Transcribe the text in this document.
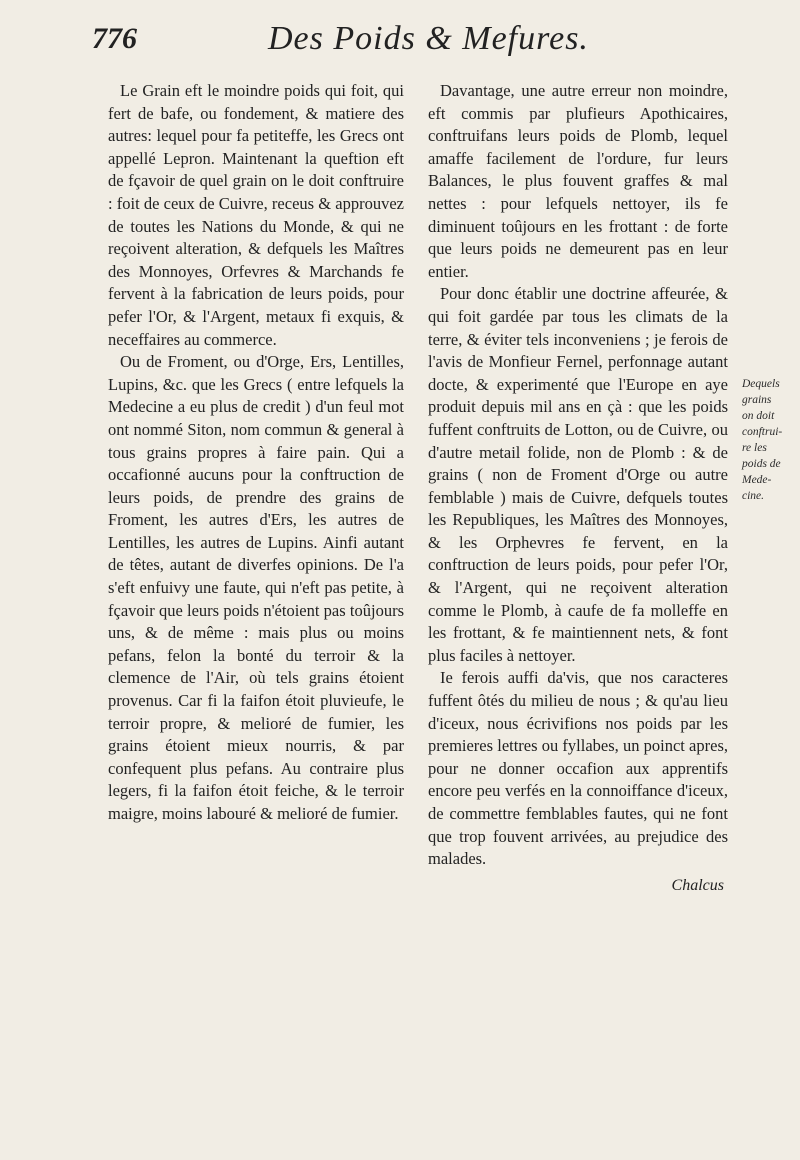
776	Des Poids & Mefures.

Le Grain eft le moindre poids qui foit, qui fert de bafe, ou fondement, & matiere des autres: lequel pour fa petiteffe, les Grecs ont appellé Lepron. Maintenant la queftion eft de fçavoir de quel grain on le doit conftruire : foit de ceux de Cuivre, receus & approuvez de toutes les Nations du Monde, & qui ne reçoivent alteration, & defquels les Maîtres des Monnoyes, Orfevres & Marchands fe fervent à la fabrication de leurs poids, pour pefer l'Or, & l'Argent, metaux fi exquis, & neceffaires au commerce.

Ou de Froment, ou d'Orge, Ers, Lentilles, Lupins, &c. que les Grecs ( entre lefquels la Medecine a eu plus de credit ) d'un feul mot ont nommé Siton, nom commun & general à tous grains propres à faire pain. Qui a occafionné aucuns pour la conftruction de leurs poids, de prendre des grains de Froment, les autres d'Ers, les autres de Lentilles, les autres de Lupins. Ainfi autant de têtes, autant de diverfes opinions. De l'a s'eft enfuivy une faute, qui n'eft pas petite, à fçavoir que leurs poids n'étoient pas toûjours uns, & de même : mais plus ou moins pefans, felon la bonté du terroir & la clemence de l'Air, où tels grains étoient provenus. Car fi la faifon étoit pluvieufe, le terroir propre, & melioré de fumier, les grains étoient mieux nourris, & par confequent plus pefans. Au contraire plus legers, fi la faifon étoit feiche, & le terroir maigre, moins labouré & melioré de fumier.

Davantage, une autre erreur non moindre, eft commis par plufieurs Apothicaires, conftruifans leurs poids de Plomb, lequel amaffe facilement de l'ordure, fur leurs Balances, le plus fouvent graffes & mal nettes : pour lefquels nettoyer, ils fe diminuent toûjours en les frottant : de forte que leurs poids ne demeurent pas en leur entier.

Pour donc établir une doctrine affeurée, & qui foit gardée par tous les climats de la terre, & éviter tels inconveniens ; je ferois de l'avis de Monfieur Fernel, perfonnage autant docte, & experimenté que l'Europe en aye produit depuis mil ans en çà : que les poids fuffent conftruits de Lotton, ou de Cuivre, ou d'autre metail folide, non de Plomb : & de grains ( non de Froment d'Orge ou autre femblable ) mais de Cuivre, defquels toutes les Republiques, les Maîtres des Monnoyes, & les Orphevres fe fervent, en la conftruction de leurs poids, pour pefer l'Or, & l'Argent, qui ne reçoivent alteration comme le Plomb, à caufe de fa molleffe en les frottant, & fe maintiennent nets, & font plus faciles à nettoyer.

Ie ferois auffi da'vis, que nos caracteres fuffent ôtés du milieu de nous ; & qu'au lieu d'iceux, nous écrivifions nos poids par les premieres lettres ou fyllabes, un poinct apres, pour ne donner occafion aux apprentifs encore peu verfés en la connoiffance d'iceux, de commettre femblables fautes, qui ne font que trop fouvent arrivées, au prejudice des malades.

Chalcus
Dequels
grains
on doit
conftrui-
re les
poids de
Mede-
cine.
